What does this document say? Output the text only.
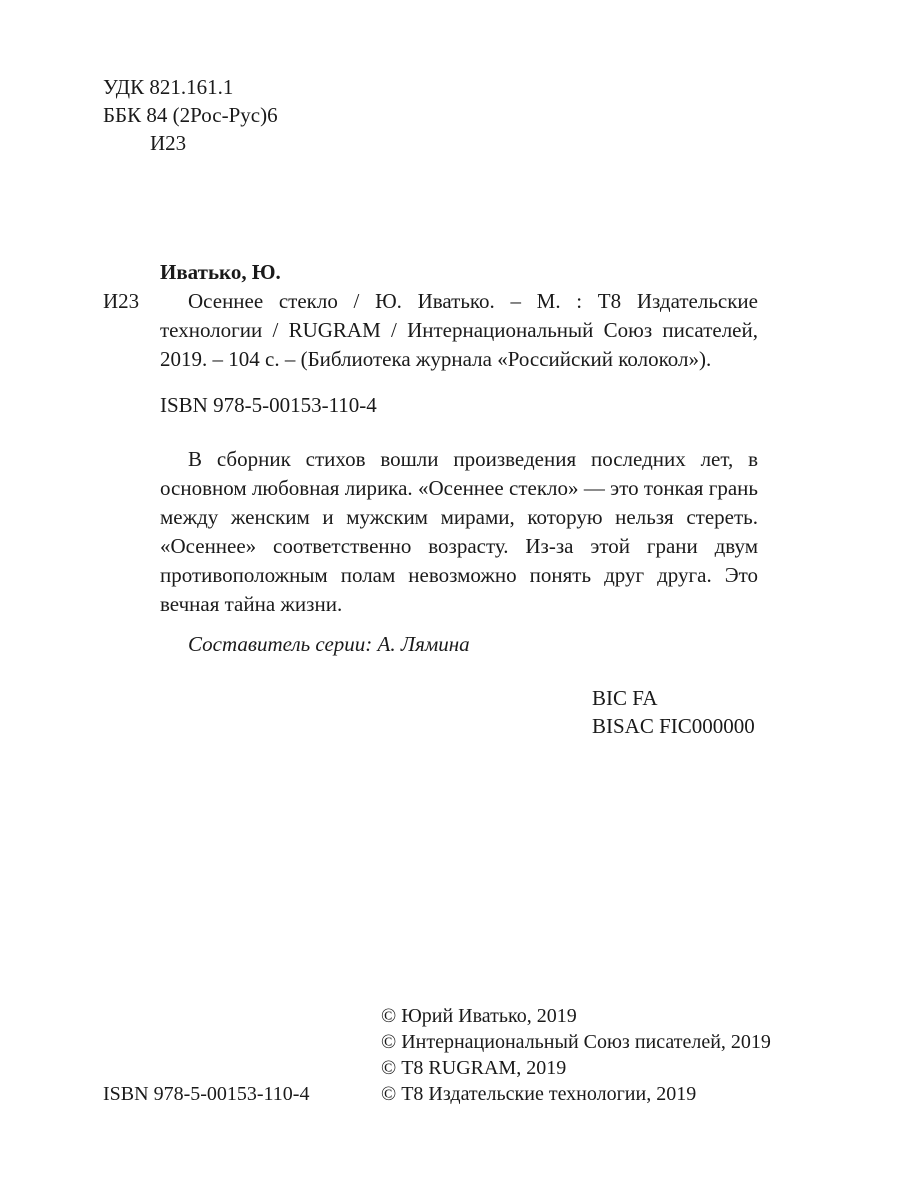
УДК 821.161.1
ББК 84 (2Рос-Рус)6
И23
Иватько, Ю.
И23	Осеннее стекло / Ю. Иватько. – М. : Т8 Издательские технологии / RUGRAM / Интернациональный Союз писателей, 2019. – 104 с. – (Библиотека журнала «Российский колокол»).
ISBN 978-5-00153-110-4
В сборник стихов вошли произведения последних лет, в основном любовная лирика. «Осеннее стекло» — это тонкая грань между женским и мужским мирами, которую нельзя стереть. «Осеннее» соответственно возрасту. Из-за этой грани двум противоположным полам невозможно понять друг друга. Это вечная тайна жизни.
Составитель серии: А. Лямина
BIC FA
BISAC FIC000000
© Юрий Иватько, 2019
© Интернациональный Союз писателей, 2019
© Т8 RUGRAM, 2019
© Т8 Издательские технологии, 2019
ISBN 978-5-00153-110-4
